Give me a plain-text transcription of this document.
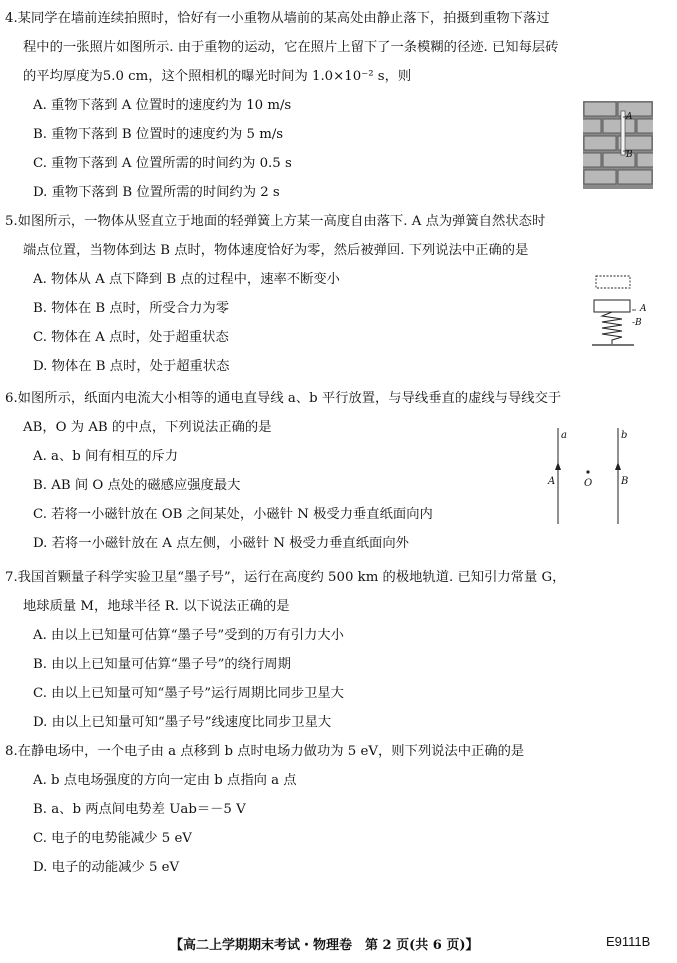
4.某同学在墙前连续拍照时，恰好有一小重物从墙前的某高处由静止落下，拍摄到重物下落过

程中的一张照片如图所示. 由于重物的运动，它在照片上留下了一条模糊的径迹. 已知每层砖

的平均厚度为5.0 cm，这个照相机的曝光时间为 1.0×10⁻² s，则

A. 重物下落到 A 位置时的速度约为 10 m/s

B. 重物下落到 B 位置时的速度约为 5 m/s

C. 重物下落到 A 位置所需的时间约为 0.5 s

D. 重物下落到 B 位置所需的时间约为 2 s

A
B

5.如图所示，一物体从竖直立于地面的轻弹簧上方某一高度自由落下. A 点为弹簧自然状态时

端点位置，当物体到达 B 点时，物体速度恰好为零，然后被弹回. 下列说法中正确的是

A. 物体从 A 点下降到 B 点的过程中，速率不断变小

B. 物体在 B 点时，所受合力为零

C. 物体在 A 点时，处于超重状态

D. 物体在 B 点时，处于超重状态

A
-B

6.如图所示，纸面内电流大小相等的通电直导线 a、b 平行放置，与导线垂直的虚线与导线交于

AB，O 为 AB 的中点，下列说法正确的是

A. a、b 间有相互的斥力

B. AB 间 O 点处的磁感应强度最大

C. 若将一小磁针放在 OB 之间某处，小磁针 N 极受力垂直纸面向内

D. 若将一小磁针放在 A 点左侧，小磁针 N 极受力垂直纸面向外

a	b
A	O	B

7.我国首颗量子科学实验卫星“墨子号”，运行在高度约 500 km 的极地轨道. 已知引力常量 G，

地球质量 M，地球半径 R. 以下说法正确的是

A. 由以上已知量可估算“墨子号”受到的万有引力大小

B. 由以上已知量可估算“墨子号”的绕行周期

C. 由以上已知量可知“墨子号”运行周期比同步卫星大

D. 由以上已知量可知“墨子号”线速度比同步卫星大

8.在静电场中，一个电子由 a 点移到 b 点时电场力做功为 5 eV，则下列说法中正确的是

A. b 点电场强度的方向一定由 b 点指向 a 点

B. a、b 两点间电势差 Uab＝－5 V

C. 电子的电势能减少 5 eV

D. 电子的动能减少 5 eV

【高二上学期期末考试・物理卷　第 2 页(共 6 页)】	E9111B
